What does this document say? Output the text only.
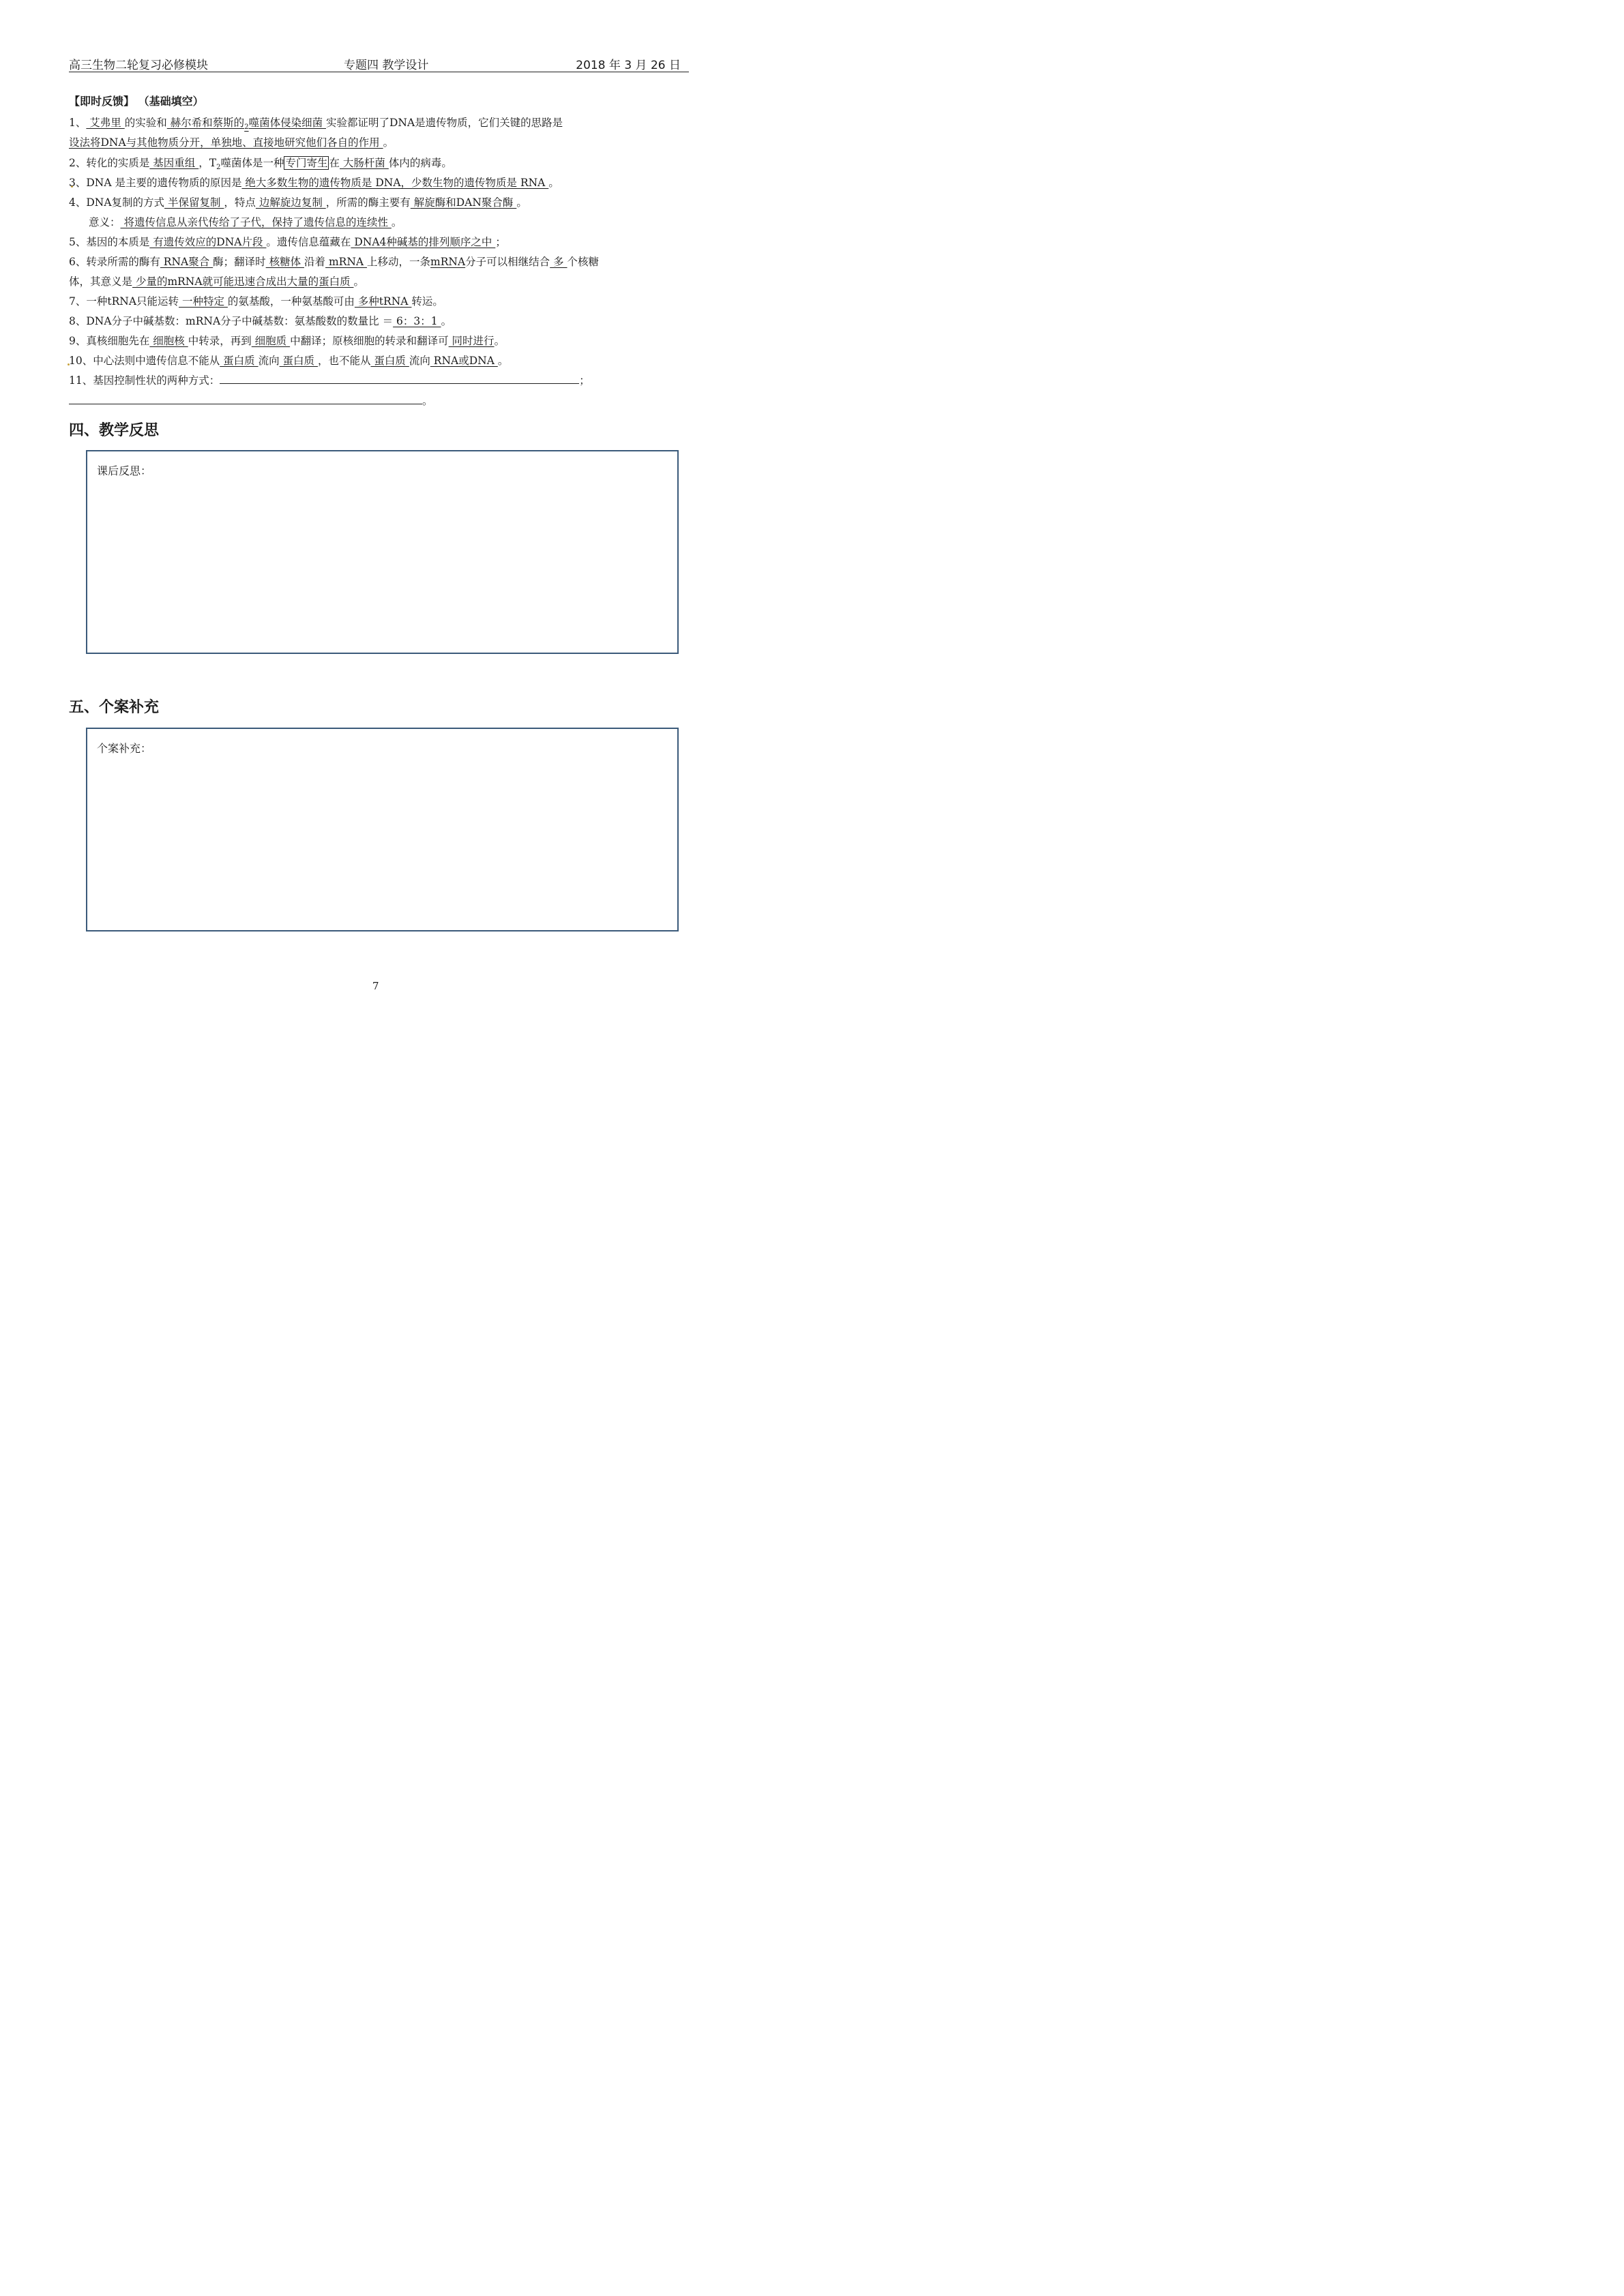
高三生物二轮复习必修模块	专题四 教学设计	2018 年 3 月 26 日
【即时反馈】 （基础填空）
1、 艾弗里 的实验和 赫尔希和蔡斯的$_2$噬菌体侵染细菌 实验都证明了DNA是遗传物质，它们关键的思路是
设法将DNA与其他物质分开，单独地、直接地研究他们各自的作用 。
2、转化的实质是 基因重组 ，$T_2$噬菌体是一种 专门寄生 在 大肠杆菌 体内的病毒。
3、DNA 是主要的遗传物质的原因是 绝大多数生物的遗传物质是 DNA，少数生物的遗传物质是 RNA 。
4、DNA复制的方式 半保留复制 ，特点 边解旋边复制 ，所需的酶主要有 解旋酶和DAN聚合酶 。
意义： 将遗传信息从亲代传给了子代，保持了遗传信息的连续性 。
5、基因的本质是 有遗传效应的DNA片段 。遗传信息蕴藏在 DNA4种碱基的排列顺序之中 ；
6、转录所需的酶有 RNA聚合 酶；翻译时 核糖体 沿着 mRNA 上移动，一条mRNA分子可以相继结合 多 个核糖
体，其意义是 少量的mRNA就可能迅速合成出大量的蛋白质 。
7、一种tRNA只能运转 一种特定 的氨基酸，一种氨基酸可由 多种tRNA 转运。
8、DNA分子中碱基数：mRNA分子中碱基数：氨基酸数的数量比 ＝ 6：3：1 。
9、真核细胞先在 细胞核 中转录，再到 细胞质 中翻译；原核细胞的转录和翻译可 同时进行。
10、中心法则中遗传信息不能从 蛋白质 流向 蛋白质 ，也不能从 蛋白质 流向 RNA或DNA 。
11、基因控制性状的两种方式：	；
。
四、教学反思
课后反思：
五、个案补充
个案补充：
7
